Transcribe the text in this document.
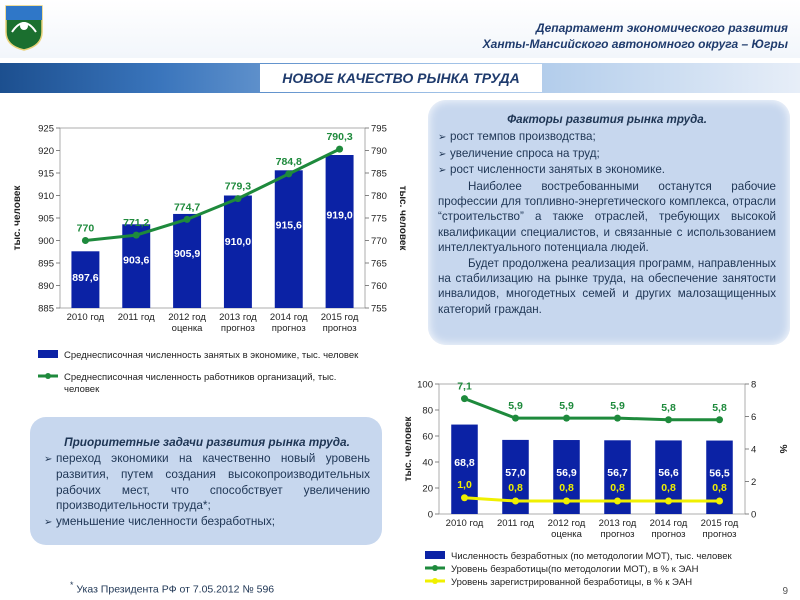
Департамент экономического развития
Ханты-Мансийского автономного округа – Югры
НОВОЕ КАЧЕСТВО РЫНКА ТРУДА
885
890
895
900
905
910
915
920
925
755
760
765
770
775
780
785
790
795
тыс. человек	тыс. человек
2010 год 2011 год 2012 год
оценка
2013 год
прогноз
2014 год
прогноз
2015 год
прогноз
897,6
903,6
905,9
910,0
915,6
919,0
770	771,2
774,7
779,3
784,8
790,3
Среднесписочная численность занятых в экономике, тыс. человек
Среднесписочная численность работников организаций, тыс.
человек
0
20
40
60
80
100
0
2
4
6
8
тыс. человек	%
2010 год 2011 год 2012 год
оценка
2013 год
прогноз
2014 год
прогноз
2015 год
прогноз
68,8
57,0	56,9	56,7	56,6	56,5
7,1
5,9	5,9	5,9	5,8	5,8
1,0	0,8	0,8	0,8	0,8	0,8
Численность безработных (по методологии МОТ), тыс. человек
Уровень безработицы(по методологии МОТ), в % к ЭАН
Уровень зарегистрированной безработицы, в % к ЭАН
Факторы развития рынка труда.
➢ рост темпов производства;
➢ увеличение спроса на труд;
➢ рост численности занятых в экономике.
Наиболее востребованными останутся рабочие профессии для топливно-энергетического комплекса, отрасли “строительство” а также отраслей, требующих высокой квалификации специалистов, и связанные с использованием интеллектуального потенциала людей.
Будет продолжена реализация программ, направленных на стабилизацию на рынке труда, на обеспечение занятости инвалидов, многодетных семей и других малозащищенных категорий граждан.
Приоритетные задачи развития рынка труда.
➢ переход экономики на качественно новый уровень развития, путем создания высокопроизводительных рабочих мест, что способствует увеличению производительности труда*;
➢ уменьшение численности безработных;
* Указ Президента РФ от 7.05.2012 № 596	9
